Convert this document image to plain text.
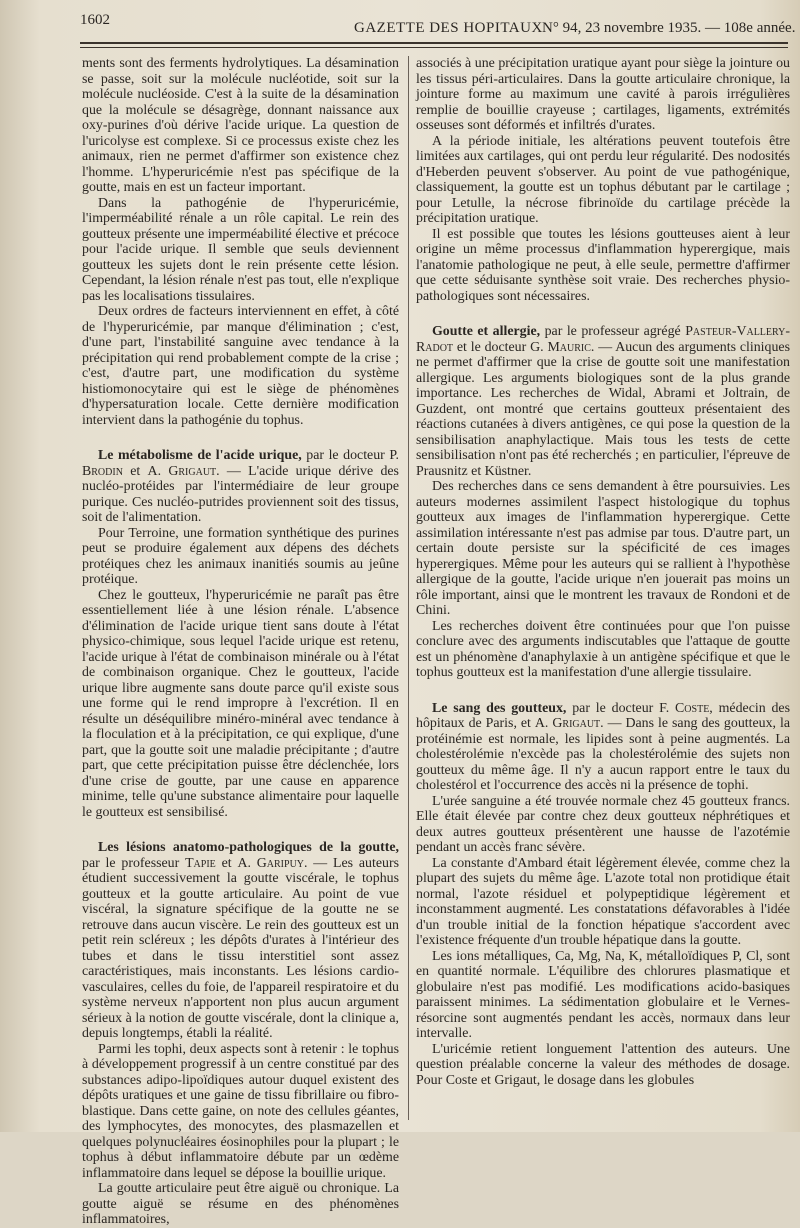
1602	GAZETTE DES HOPITAUX N° 94, 23 novembre 1935. — 108e année.

ments sont des ferments hydrolytiques. La désamination se passe, soit sur la molécule nucléotide, soit sur la molécule nucléoside. C'est à la suite de la désamination que la molécule se désagrège, donnant naissance aux oxy-purines d'où dérive l'acide urique. La question de l'uricolyse est complexe. Si ce processus existe chez les animaux, rien ne permet d'affirmer son existence chez l'homme. L'hyperuricémie n'est pas spécifique de la goutte, mais en est un facteur important.

Dans la pathogénie de l'hyperuricémie, l'imperméabilité rénale a un rôle capital. Le rein des goutteux présente une imperméabilité élective et précoce pour l'acide urique. Il semble que seuls deviennent goutteux les sujets dont le rein présente cette lésion. Cependant, la lésion rénale n'est pas tout, elle n'explique pas les localisations tissulaires.

Deux ordres de facteurs interviennent en effet, à côté de l'hyperuricémie, par manque d'élimination ; c'est, d'une part, l'instabilité sanguine avec tendance à la précipitation qui rend probablement compte de la crise ; c'est, d'autre part, une modification du système histiomonocytaire qui est le siège de phénomènes d'hypersaturation locale. Cette dernière modification intervient dans la pathogénie du tophus.

Le métabolisme de l'acide urique, par le docteur P. Brodin et A. Grigaut. — L'acide urique dérive des nucléo-protéides par l'intermédiaire de leur groupe purique. Ces nucléo-putrides proviennent soit des tissus, soit de l'alimentation.

Pour Terroine, une formation synthétique des purines peut se produire également aux dépens des déchets protéiques chez les animaux inanitiés soumis au jeûne protéique.

Chez le goutteux, l'hyperuricémie ne paraît pas être essentiellement liée à une lésion rénale. L'absence d'élimination de l'acide urique tient sans doute à l'état physico-chimique, sous lequel l'acide urique est retenu, l'acide urique à l'état de combinaison minérale ou à l'état de combinaison organique. Chez le goutteux, l'acide urique libre augmente sans doute parce qu'il existe sous une forme qui le rend impropre à l'excrétion. Il en résulte un déséquilibre minéro-minéral avec tendance à la floculation et à la précipitation, ce qui explique, d'une part, que la goutte soit une maladie précipitante ; d'autre part, que cette précipitation puisse être déclenchée, lors d'une crise de goutte, par une cause en apparence minime, telle qu'une substance alimentaire pour laquelle le goutteux est sensibilisé.

Les lésions anatomo-pathologiques de la goutte, par le professeur Tapie et A. Garipuy. — Les auteurs étudient successivement la goutte viscérale, le tophus goutteux et la goutte articulaire. Au point de vue viscéral, la signature spécifique de la goutte ne se retrouve dans aucun viscère. Le rein des goutteux est un petit rein scléreux ; les dépôts d'urates à l'intérieur des tubes et dans le tissu interstitiel sont assez caractéristiques, mais inconstants. Les lésions cardio-vasculaires, celles du foie, de l'appareil respiratoire et du système nerveux n'apportent non plus aucun argument sérieux à la notion de goutte viscérale, dont la clinique a, depuis longtemps, établi la réalité.

Parmi les tophi, deux aspects sont à retenir : le tophus à développement progressif à un centre constitué par des substances adipo-lipoïdiques autour duquel existent des dépôts uratiques et une gaine de tissu fibrillaire ou fibro-blastique. Dans cette gaine, on note des cellules géantes, des lymphocytes, des monocytes, des plasmazellen et quelques polynucléaires éosinophiles pour la plupart ; le tophus à début inflammatoire débute par un œdème inflammatoire dans lequel se dépose la bouillie urique.

La goutte articulaire peut être aiguë ou chronique. La goutte aiguë se résume en des phénomènes inflammatoires,

associés à une précipitation uratique ayant pour siège la jointure ou les tissus péri-articulaires. Dans la goutte articulaire chronique, la jointure forme au maximum une cavité à parois irrégulières remplie de bouillie crayeuse ; cartilages, ligaments, extrémités osseuses sont déformés et infiltrés d'urates.

A la période initiale, les altérations peuvent toutefois être limitées aux cartilages, qui ont perdu leur régularité. Des nodosités d'Heberden peuvent s'observer. Au point de vue pathogénique, classiquement, la goutte est un tophus débutant par le cartilage ; pour Letulle, la nécrose fibrinoïde du cartilage précède la précipitation uratique.

Il est possible que toutes les lésions goutteuses aient à leur origine un même processus d'inflammation hyperergique, mais l'anatomie pathologique ne peut, à elle seule, permettre d'affirmer que cette séduisante synthèse soit vraie. Des recherches physio-pathologiques sont nécessaires.

Goutte et allergie, par le professeur agrégé Pasteur-Vallery-Radot et le docteur G. Mauric. — Aucun des arguments cliniques ne permet d'affirmer que la crise de goutte soit une manifestation allergique. Les arguments biologiques sont de la plus grande importance. Les recherches de Widal, Abrami et Joltrain, de Guzdent, ont montré que certains goutteux présentaient des réactions cutanées à divers antigènes, ce qui pose la question de la sensibilisation anaphylactique. Mais tous les tests de cette sensibilisation n'ont pas été recherchés ; en particulier, l'épreuve de Prausnitz et Küstner.

Des recherches dans ce sens demandent à être poursuivies. Les auteurs modernes assimilent l'aspect histologique du tophus goutteux aux images de l'inflammation hyperergique. Cette assimilation intéressante n'est pas admise par tous. D'autre part, un certain doute persiste sur la spécificité de ces images hyperergiques. Même pour les auteurs qui se rallient à l'hypothèse allergique de la goutte, l'acide urique n'en jouerait pas moins un rôle important, ainsi que le montrent les travaux de Rondoni et de Chini.

Les recherches doivent être continuées pour que l'on puisse conclure avec des arguments indiscutables que l'attaque de goutte est un phénomène d'anaphylaxie à un antigène spécifique et que le tophus goutteux est la manifestation d'une allergie tissulaire.

Le sang des goutteux, par le docteur F. Coste, médecin des hôpitaux de Paris, et A. Grigaut. — Dans le sang des goutteux, la protéinémie est normale, les lipides sont à peine augmentés. La cholestérolémie n'excède pas la cholestérolémie des sujets non goutteux du même âge. Il n'y a aucun rapport entre le taux du cholestérol et l'occurrence des accès ni la présence de tophi.

L'urée sanguine a été trouvée normale chez 45 goutteux francs. Elle était élevée par contre chez deux goutteux néphrétiques et deux autres goutteux présentèrent une hausse de l'azotémie pendant un accès franc sévère.

La constante d'Ambard était légèrement élevée, comme chez la plupart des sujets du même âge. L'azote total non protidique était normal, l'azote résiduel et polypeptidique légèrement et inconstamment augmenté. Les constatations défavorables à l'idée d'un trouble initial de la fonction hépatique s'accordent avec l'existence fréquente d'un trouble hépatique dans la goutte.

Les ions métalliques, Ca, Mg, Na, K, métalloïdiques P, Cl, sont en quantité normale. L'équilibre des chlorures plasmatique et globulaire n'est pas modifié. Les modifications acido-basiques paraissent minimes. La sédimentation globulaire et le Vernes-résorcine sont augmentés pendant les accès, normaux dans leur intervalle.

L'uricémie retient longuement l'attention des auteurs. Une question préalable concerne la valeur des méthodes de dosage. Pour Coste et Grigaut, le dosage dans les globules
